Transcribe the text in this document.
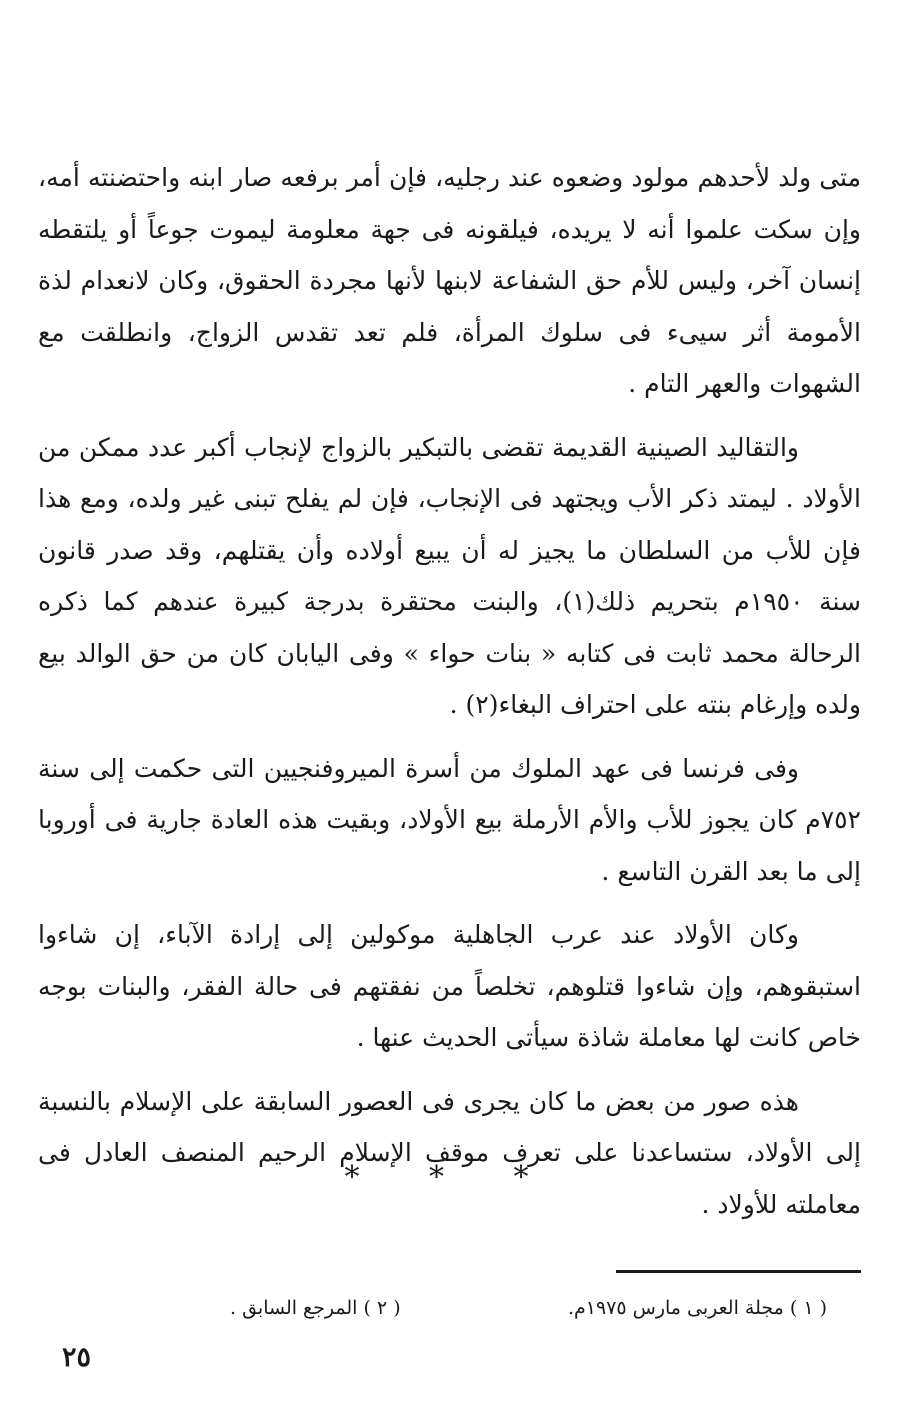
متى ولد لأحدهم مولود وضعوه عند رجليه، فإن أمر برفعه صار ابنه واحتضنته أمه، وإن سكت علموا أنه لا يريده، فيلقونه فى جهة معلومة ليموت جوعاً أو يلتقطه إنسان آخر، وليس للأم حق الشفاعة لابنها لأنها مجردة الحقوق، وكان لانعدام لذة الأمومة أثر سيىء فى سلوك المرأة، فلم تعد تقدس الزواج، وانطلقت مع الشهوات والعهر التام .

والتقاليد الصينية القديمة تقضى بالتبكير بالزواج لإنجاب أكبر عدد ممكن من الأولاد . ليمتد ذكر الأب ويجتهد فى الإنجاب، فإن لم يفلح تبنى غير ولده، ومع هذا فإن للأب من السلطان ما يجيز له أن يبيع أولاده وأن يقتلهم، وقد صدر قانون سنة ١٩٥٠م بتحريم ذلك(١)، والبنت محتقرة بدرجة كبيرة عندهم كما ذكره الرحالة محمد ثابت فى كتابه « بنات حواء » وفى اليابان كان من حق الوالد بيع ولده وإرغام بنته على احتراف البغاء(٢) .

وفى فرنسا فى عهد الملوك من أسرة الميروفنجيين التى حكمت إلى سنة ٧٥٢م كان يجوز للأب والأم الأرملة بيع الأولاد، وبقيت هذه العادة جارية فى أوروبا إلى ما بعد القرن التاسع .

وكان الأولاد عند عرب الجاهلية موكولين إلى إرادة الآباء، إن شاءوا استبقوهم، وإن شاءوا قتلوهم، تخلصاً من نفقتهم فى حالة الفقر، والبنات بوجه خاص كانت لها معاملة شاذة سيأتى الحديث عنها .

هذه صور من بعض ما كان يجرى فى العصور السابقة على الإسلام بالنسبة إلى الأولاد، ستساعدنا على تعرف موقف الإسلام الرحيم المنصف العادل فى معاملته للأولاد .

* * *
( ١ ) مجلة العربى مارس ١٩٧٥م.
( ٢ ) المرجع السابق .
٢٥
